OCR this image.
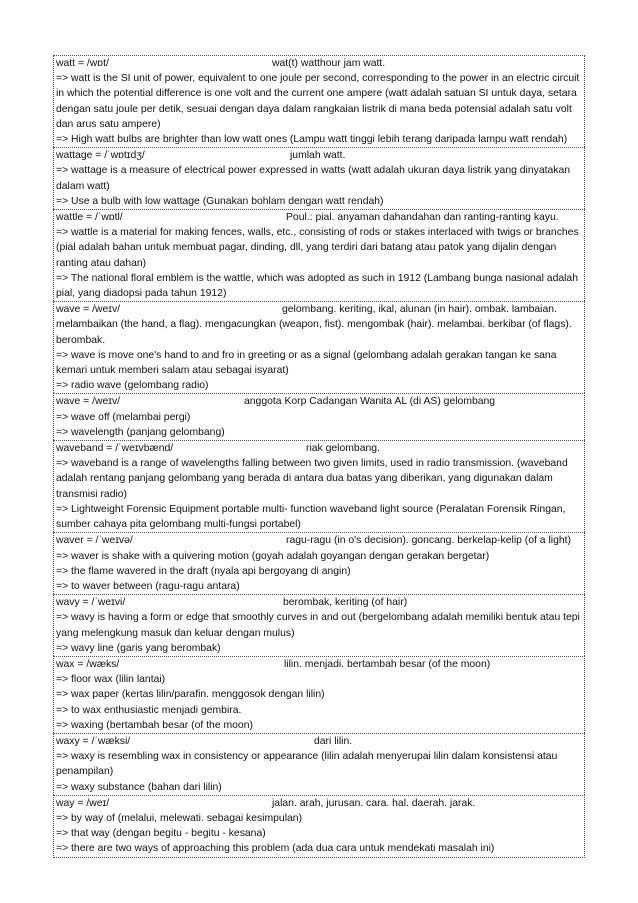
watt = /wɒt/	wat(t) watthour jam watt.
=> watt is the SI unit of power, equivalent to one joule per second, corresponding to the power in an electric circuit in which the potential difference is one volt and the current one ampere (watt adalah satuan SI untuk daya, setara dengan satu joule per detik, sesuai dengan daya dalam rangkaian listrik di mana beda potensial adalah satu volt dan arus satu ampere)
=> High watt bulbs are brighter than low watt ones (Lampu watt tinggi lebih terang daripada lampu watt rendah)
wattage = /ˈwɒtɪdʒ/	jumlah watt.
=> wattage is a measure of electrical power expressed in watts (watt adalah ukuran daya listrik yang dinyatakan dalam watt)
=> Use a bulb with low wattage (Gunakan bohlam dengan watt rendah)
wattle = /ˈwɒtl/	Poul.: pial. anyaman dahandahan dan ranting-ranting kayu.
=> wattle is a material for making fences, walls, etc., consisting of rods or stakes interlaced with twigs or branches (pial adalah bahan untuk membuat pagar, dinding, dll, yang terdiri dari batang atau patok yang dijalin dengan ranting atau dahan)
=> The national floral emblem is the wattle, which was adopted as such in 1912 (Lambang bunga nasional adalah pial, yang diadopsi pada tahun 1912)
wave = /weɪv/	gelombang. keriting, ikal, alunan (in hair). ombak. lambaian.
melambaikan (the hand, a flag). mengacungkan (weapon, fist). mengombak (hair). melambai. berkibar (of flags). berombak.
=> wave is move one's hand to and fro in greeting or as a signal (gelombang adalah gerakan tangan ke sana kemari untuk memberi salam atau sebagai isyarat)
=> radio wave (gelombang radio)
wave = /weɪv/	anggota Korp Cadangan Wanita AL (di AS) gelombang
=> wave off (melambai pergi)
=> wavelength (panjang gelombang)
waveband = /ˈweɪvbænd/	riak gelombang.
=> waveband is a range of wavelengths falling between two given limits, used in radio transmission. (waveband adalah rentang panjang gelombang yang berada di antara dua batas yang diberikan, yang digunakan dalam transmisi radio)
=> Lightweight Forensic Equipment portable multi- function waveband light source (Peralatan Forensik Ringan, sumber cahaya pita gelombang multi-fungsi portabel)
waver = /ˈweɪvə/	ragu-ragu (in o's decision). goncang. berkelap-kelip (of a light)
=> waver is shake with a quivering motion (goyah adalah goyangan dengan gerakan bergetar)
=> the flame wavered in the draft (nyala api bergoyang di angin)
=> to waver between (ragu-ragu antara)
wavy = /ˈweɪvi/	berombak, keriting (of hair)
=> wavy is having a form or edge that smoothly curves in and out (bergelombang adalah memiliki bentuk atau tepi yang melengkung masuk dan keluar dengan mulus)
=> wavy line (garis yang berombak)
wax = /wæks/	lilin. menjadi. bertambah besar (of the moon)
=> floor wax (lilin lantai)
=> wax paper (kertas lilin/parafin. menggosok dengan lilin)
=> to wax enthusiastic menjadi gembira.
=> waxing (bertambah besar (of the moon)
waxy = /ˈwæksi/	dari lilin.
=> waxy is resembling wax in consistency or appearance (lilin adalah menyerupai lilin dalam konsistensi atau penampilan)
=> waxy substance (bahan dari lilin)
way = /weɪ/	jalan. arah, jurusan. cara. hal. daerah. jarak.
=> by way of (melalui, melewati. sebagai kesimpulan)
=> that way (dengan begitu - begitu - kesana)
=> there are two ways of approaching this problem (ada dua cara untuk mendekati masalah ini)
